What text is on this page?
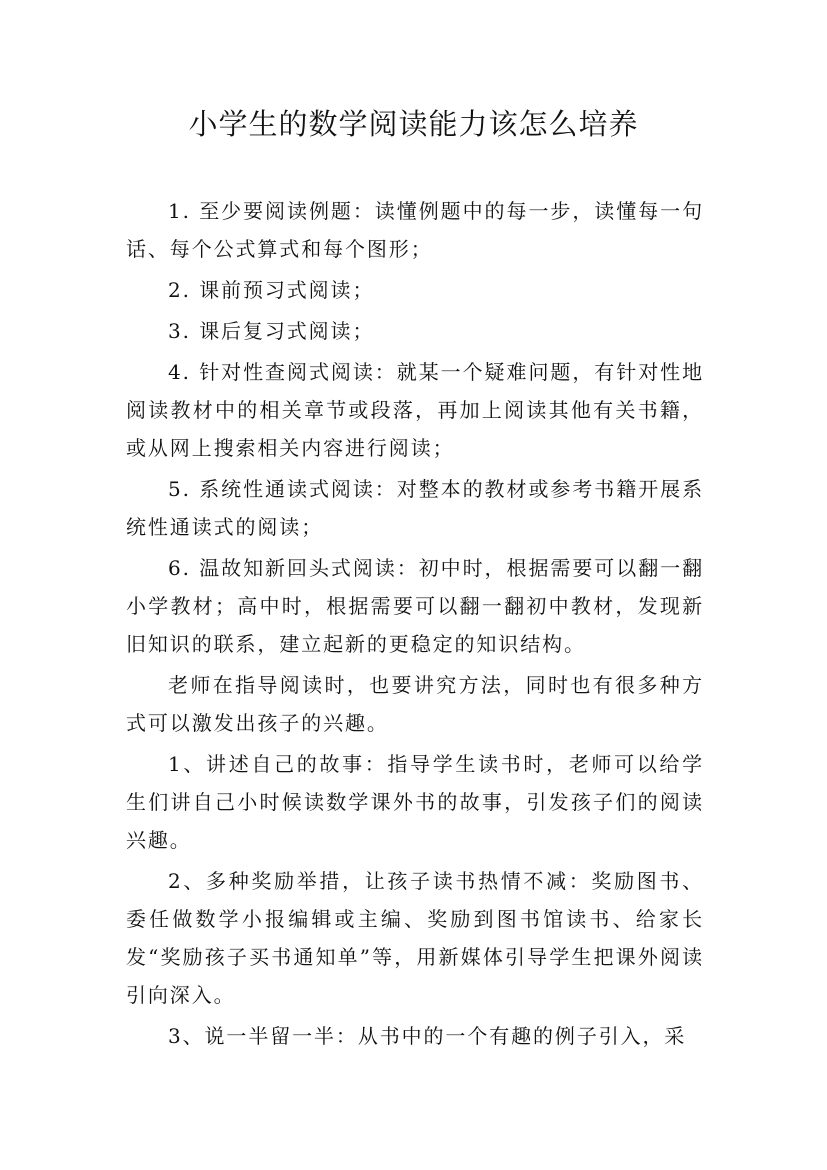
小学生的数学阅读能力该怎么培养

1. 至少要阅读例题：读懂例题中的每一步，读懂每一句话、每个公式算式和每个图形；

2. 课前预习式阅读；

3. 课后复习式阅读；

4. 针对性查阅式阅读：就某一个疑难问题，有针对性地阅读教材中的相关章节或段落，再加上阅读其他有关书籍，或从网上搜索相关内容进行阅读；

5. 系统性通读式阅读：对整本的教材或参考书籍开展系统性通读式的阅读；

6. 温故知新回头式阅读：初中时，根据需要可以翻一翻小学教材；高中时，根据需要可以翻一翻初中教材，发现新旧知识的联系，建立起新的更稳定的知识结构。

老师在指导阅读时，也要讲究方法，同时也有很多种方式可以激发出孩子的兴趣。

1、讲述自己的故事：指导学生读书时，老师可以给学生们讲自己小时候读数学课外书的故事，引发孩子们的阅读兴趣。

2、多种奖励举措，让孩子读书热情不减：奖励图书、委任做数学小报编辑或主编、奖励到图书馆读书、给家长发“奖励孩子买书通知单”等，用新媒体引导学生把课外阅读引向深入。

3、说一半留一半：从书中的一个有趣的例子引入，采
